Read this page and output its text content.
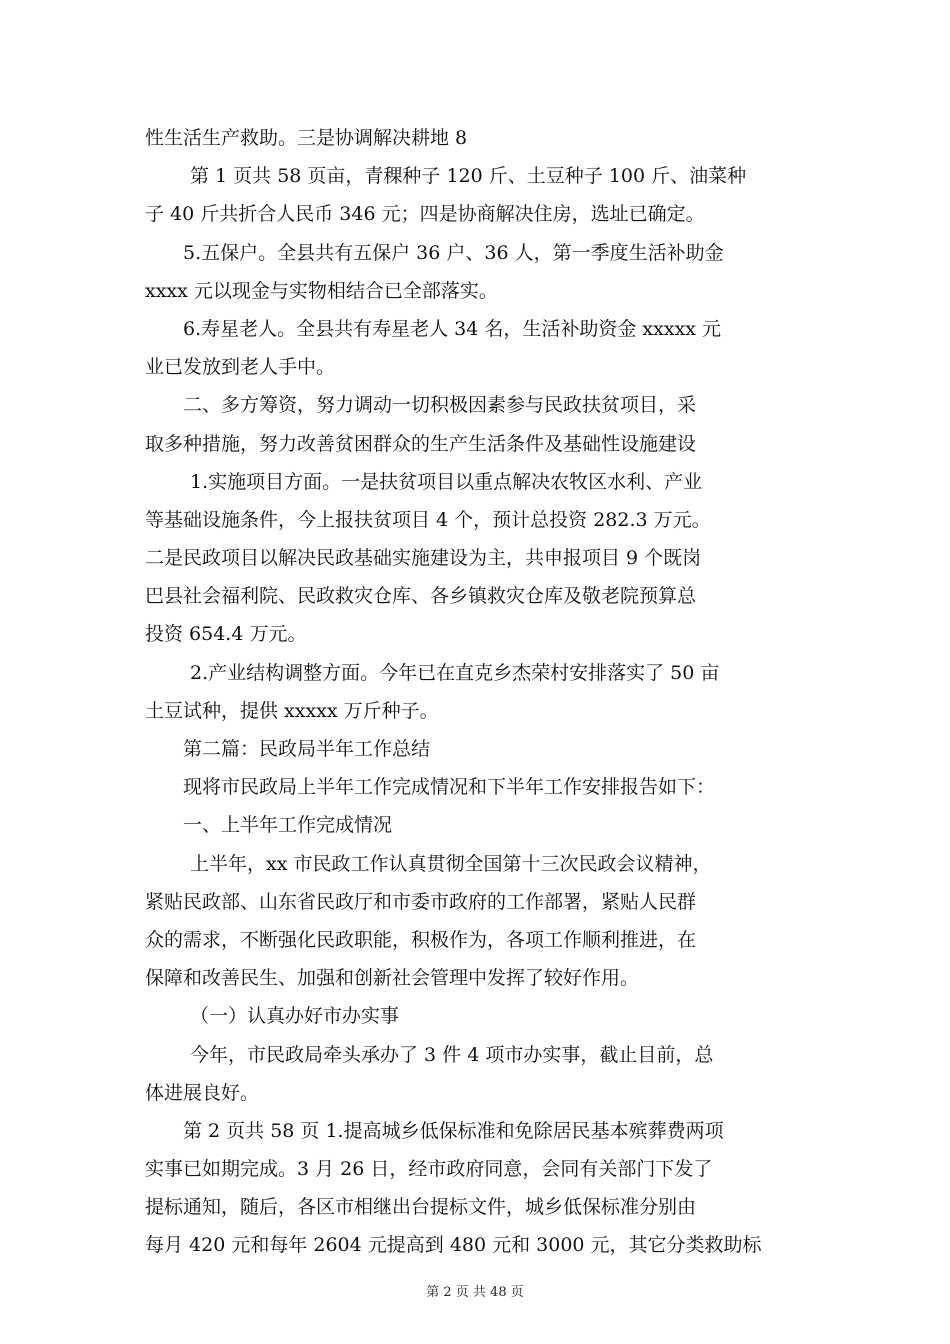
性生活生产救助。三是协调解决耕地 8
第 1 页共 58 页亩，青稞种子 120 斤、土豆种子 100 斤、油菜种
子 40 斤共折合人民币 346 元；四是协商解决住房，选址已确定。
5.五保户。全县共有五保户 36 户、36 人，第一季度生活补助金
xxxx 元以现金与实物相结合已全部落实。
6.寿星老人。全县共有寿星老人 34 名，生活补助资金 xxxxx 元
业已发放到老人手中。
二、多方筹资，努力调动一切积极因素参与民政扶贫项目，采
取多种措施，努力改善贫困群众的生产生活条件及基础性设施建设
1.实施项目方面。一是扶贫项目以重点解决农牧区水利、产业
等基础设施条件，今上报扶贫项目 4 个，预计总投资 282.3 万元。
二是民政项目以解决民政基础实施建设为主，共申报项目 9 个既岗
巴县社会福利院、民政救灾仓库、各乡镇救灾仓库及敬老院预算总
投资 654.4 万元。
2.产业结构调整方面。今年已在直克乡杰荣村安排落实了 50 亩
土豆试种，提供 xxxxx 万斤种子。
第二篇：民政局半年工作总结
现将市民政局上半年工作完成情况和下半年工作安排报告如下：
一、上半年工作完成情况
上半年，xx 市民政工作认真贯彻全国第十三次民政会议精神，
紧贴民政部、山东省民政厅和市委市政府的工作部署，紧贴人民群
众的需求，不断强化民政职能，积极作为，各项工作顺利推进，在
保障和改善民生、加强和创新社会管理中发挥了较好作用。
（一）认真办好市办实事
今年，市民政局牵头承办了 3 件 4 项市办实事，截止目前，总
体进展良好。
第 2 页共 58 页 1.提高城乡低保标准和免除居民基本殡葬费两项
实事已如期完成。3 月 26 日，经市政府同意，会同有关部门下发了
提标通知，随后，各区市相继出台提标文件，城乡低保标准分别由
每月 420 元和每年 2604 元提高到 480 元和 3000 元，其它分类救助标
第 2 页 共 48 页
